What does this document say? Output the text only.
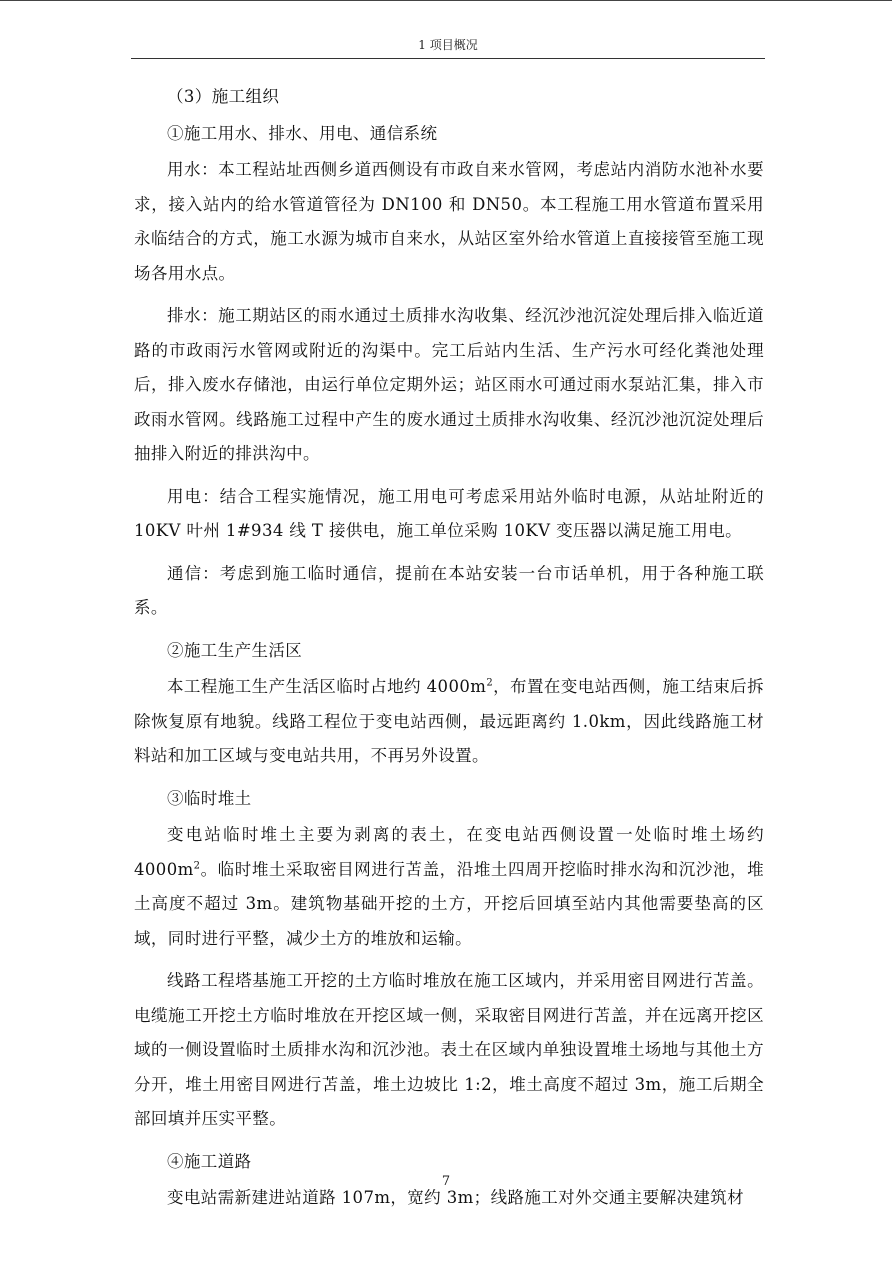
1 项目概况

（3）施工组织

①施工用水、排水、用电、通信系统

用水：本工程站址西侧乡道西侧设有市政自来水管网，考虑站内消防水池补水要求，接入站内的给水管道管径为 DN100 和 DN50。本工程施工用水管道布置采用永临结合的方式，施工水源为城市自来水，从站区室外给水管道上直接接管至施工现场各用水点。

排水：施工期站区的雨水通过土质排水沟收集、经沉沙池沉淀处理后排入临近道路的市政雨污水管网或附近的沟渠中。完工后站内生活、生产污水可经化粪池处理后，排入废水存储池，由运行单位定期外运；站区雨水可通过雨水泵站汇集，排入市政雨水管网。线路施工过程中产生的废水通过土质排水沟收集、经沉沙池沉淀处理后抽排入附近的排洪沟中。

用电：结合工程实施情况，施工用电可考虑采用站外临时电源，从站址附近的 10KV 叶州 1#934 线 T 接供电，施工单位采购 10KV 变压器以满足施工用电。

通信：考虑到施工临时通信，提前在本站安装一台市话单机，用于各种施工联系。

②施工生产生活区

本工程施工生产生活区临时占地约 $4000m^2$，布置在变电站西侧，施工结束后拆除恢复原有地貌。线路工程位于变电站西侧，最远距离约 1.0km，因此线路施工材料站和加工区域与变电站共用，不再另外设置。

③临时堆土

变电站临时堆土主要为剥离的表土，在变电站西侧设置一处临时堆土场约 $4000m^2$。临时堆土采取密目网进行苫盖，沿堆土四周开挖临时排水沟和沉沙池，堆土高度不超过 3m。建筑物基础开挖的土方，开挖后回填至站内其他需要垫高的区域，同时进行平整，减少土方的堆放和运输。

线路工程塔基施工开挖的土方临时堆放在施工区域内，并采用密目网进行苫盖。电缆施工开挖土方临时堆放在开挖区域一侧，采取密目网进行苫盖，并在远离开挖区域的一侧设置临时土质排水沟和沉沙池。表土在区域内单独设置堆土场地与其他土方分开，堆土用密目网进行苫盖，堆土边坡比 1:2，堆土高度不超过 3m，施工后期全部回填并压实平整。

④施工道路

变电站需新建进站道路 107m，宽约 3m；线路施工对外交通主要解决建筑材

7
